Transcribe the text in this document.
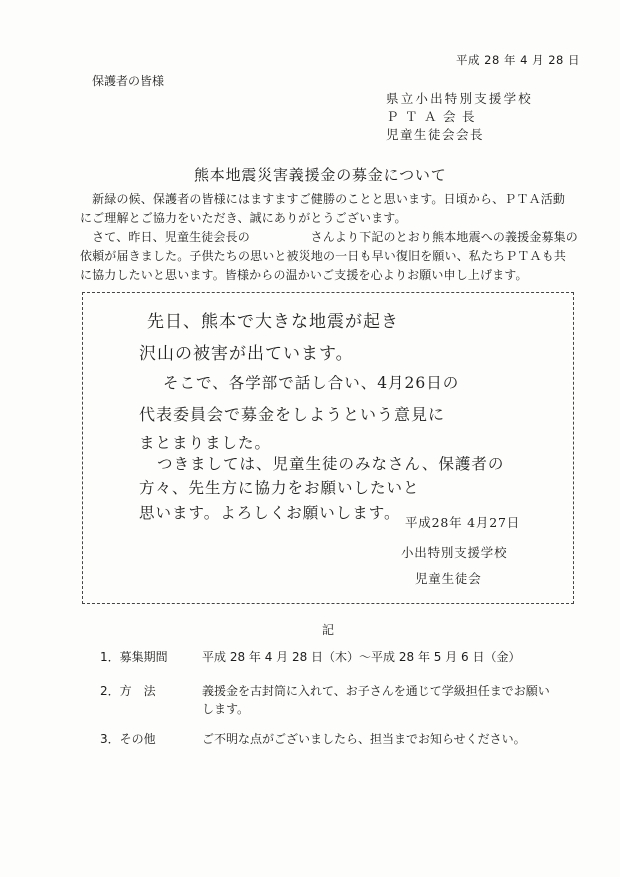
平成 28 年 4 月 28 日
保護者の皆様
県立小出特別支援学校
ＰＴＡ会長
児童生徒会会長
熊本地震災害義援金の募金について

　新緑の候、保護者の皆様にはますますご健勝のことと思います。日頃から、ＰＴＡ活動

にご理解とご協力をいただき、誠にありがとうございます。

　さて、昨日、児童生徒会長の　　　　　さんより下記のとおり熊本地震への義援金募集の

依頼が届きました。子供たちの思いと被災地の一日も早い復旧を願い、私たちＰＴＡも共

に協力したいと思います。皆様からの温かいご支援を心よりお願い申し上げます。

先日、熊本で大きな地震が起き
沢山の被害が出ています。
そこで、各学部で話し合い、4月26日の
代表委員会で募金をしようという意見に
まとまりました。
つきましては、児童生徒のみなさん、保護者の
方々、先生方に協力をお願いしたいと
思います。よろしくお願いします。
平成28年 4月27日
小出特別支援学校
児童生徒会
記
1．募集期間	平成 28 年 4 月 28 日（木）～平成 28 年 5 月 6 日（金）
2．方　法	義援金を古封筒に入れて、お子さんを通じて学級担任までお願い
します。
3．その他	ご不明な点がございましたら、担当までお知らせください。
